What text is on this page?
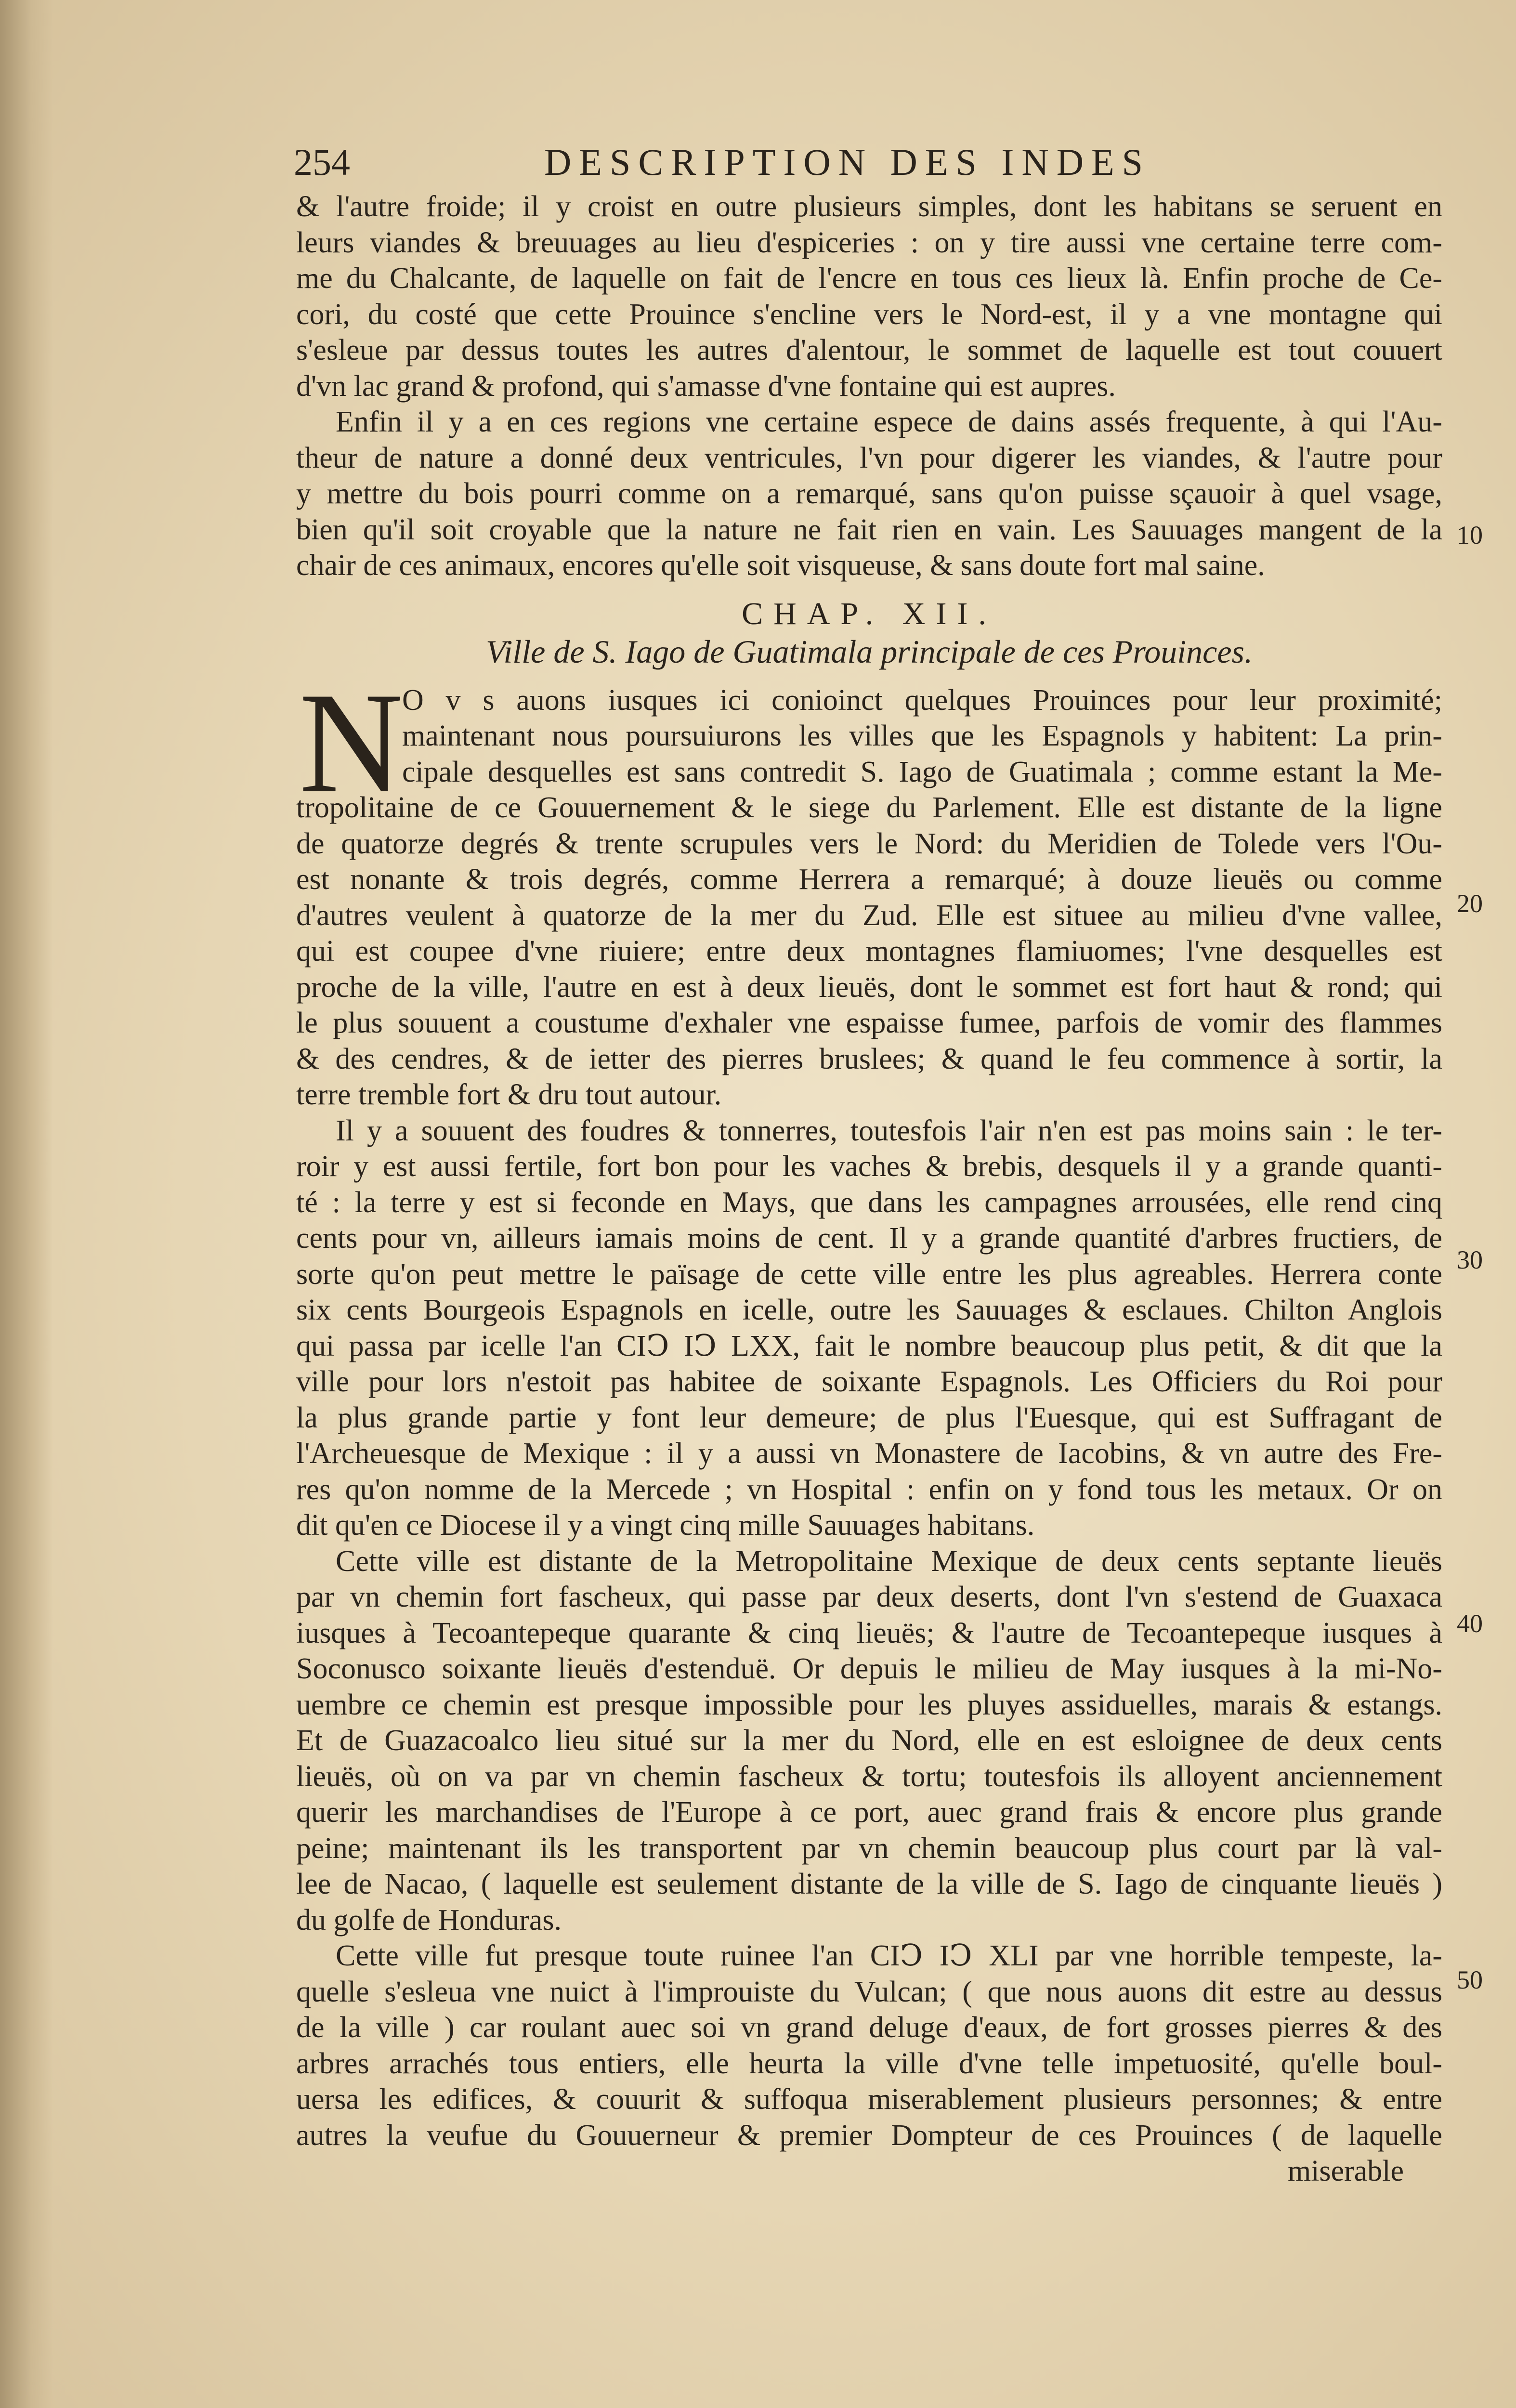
254	DESCRIPTION DES INDES
& l'autre froide; il y croist en outre plusieurs simples, dont les habitans se seruent en
leurs viandes & breuuages au lieu d'espiceries : on y tire aussi vne certaine terre com-
me du Chalcante, de laquelle on fait de l'encre en tous ces lieux là. Enfin proche de Ce-
cori, du costé que cette Prouince s'encline vers le Nord-est, il y a vne montagne qui
s'esleue par dessus toutes les autres d'alentour, le sommet de laquelle est tout couuert
d'vn lac grand & profond, qui s'amasse d'vne fontaine qui est aupres.
Enfin il y a en ces regions vne certaine espece de dains assés frequente, à qui l'Au-
theur de nature a donné deux ventricules, l'vn pour digerer les viandes, & l'autre pour
y mettre du bois pourri comme on a remarqué, sans qu'on puisse sçauoir à quel vsage,
bien qu'il soit croyable que la nature ne fait rien en vain. Les Sauuages mangent de la
chair de ces animaux, encores qu'elle soit visqueuse, & sans doute fort mal saine.
CHAP. XII.
Ville de S. Iago de Guatimala principale de ces Prouinces.
N
O v s auons iusques ici conioinct quelques Prouinces pour leur proximité;
maintenant nous poursuiurons les villes que les Espagnols y habitent: La prin-
cipale desquelles est sans contredit S. Iago de Guatimala ; comme estant la Me-
tropolitaine de ce Gouuernement & le siege du Parlement. Elle est distante de la ligne
de quatorze degrés & trente scrupules vers le Nord: du Meridien de Tolede vers l'Ou-
est nonante & trois degrés, comme Herrera a remarqué; à douze lieuës ou comme
d'autres veulent à quatorze de la mer du Zud. Elle est situee au milieu d'vne vallee,
qui est coupee d'vne riuiere; entre deux montagnes flamiuomes; l'vne desquelles est
proche de la ville, l'autre en est à deux lieuës, dont le sommet est fort haut & rond; qui
le plus souuent a coustume d'exhaler vne espaisse fumee, parfois de vomir des flammes
& des cendres, & de ietter des pierres bruslees; & quand le feu commence à sortir, la
terre tremble fort & dru tout autour.
Il y a souuent des foudres & tonnerres, toutesfois l'air n'en est pas moins sain : le ter-
roir y est aussi fertile, fort bon pour les vaches & brebis, desquels il y a grande quanti-
té : la terre y est si feconde en Mays, que dans les campagnes arrousées, elle rend cinq
cents pour vn, ailleurs iamais moins de cent. Il y a grande quantité d'arbres fructiers, de
sorte qu'on peut mettre le païsage de cette ville entre les plus agreables. Herrera conte
six cents Bourgeois Espagnols en icelle, outre les Sauuages & esclaues. Chilton Anglois
qui passa par icelle l'an CIↃ IↃ LXX, fait le nombre beaucoup plus petit, & dit que la
ville pour lors n'estoit pas habitee de soixante Espagnols. Les Officiers du Roi pour
la plus grande partie y font leur demeure; de plus l'Euesque, qui est Suffragant de
l'Archeuesque de Mexique : il y a aussi vn Monastere de Iacobins, & vn autre des Fre-
res qu'on nomme de la Mercede ; vn Hospital : enfin on y fond tous les metaux. Or on
dit qu'en ce Diocese il y a vingt cinq mille Sauuages habitans.
Cette ville est distante de la Metropolitaine Mexique de deux cents septante lieuës
par vn chemin fort fascheux, qui passe par deux deserts, dont l'vn s'estend de Guaxaca
iusques à Tecoantepeque quarante & cinq lieuës; & l'autre de Tecoantepeque iusques à
Soconusco soixante lieuës d'estenduë. Or depuis le milieu de May iusques à la mi-No-
uembre ce chemin est presque impossible pour les pluyes assiduelles, marais & estangs.
Et de Guazacoalco lieu situé sur la mer du Nord, elle en est esloignee de deux cents
lieuës, où on va par vn chemin fascheux & tortu; toutesfois ils alloyent anciennement
querir les marchandises de l'Europe à ce port, auec grand frais & encore plus grande
peine; maintenant ils les transportent par vn chemin beaucoup plus court par là val-
lee de Nacao, ( laquelle est seulement distante de la ville de S. Iago de cinquante lieuës )
du golfe de Honduras.
Cette ville fut presque toute ruinee l'an CIↃ IↃ XLI par vne horrible tempeste, la-
quelle s'esleua vne nuict à l'improuiste du Vulcan; ( que nous auons dit estre au dessus
de la ville ) car roulant auec soi vn grand deluge d'eaux, de fort grosses pierres & des
arbres arrachés tous entiers, elle heurta la ville d'vne telle impetuosité, qu'elle boul-
uersa les edifices, & couurit & suffoqua miserablement plusieurs personnes; & entre
autres la veufue du Gouuerneur & premier Dompteur de ces Prouinces ( de laquelle
miserable
10
20
30
40
50
